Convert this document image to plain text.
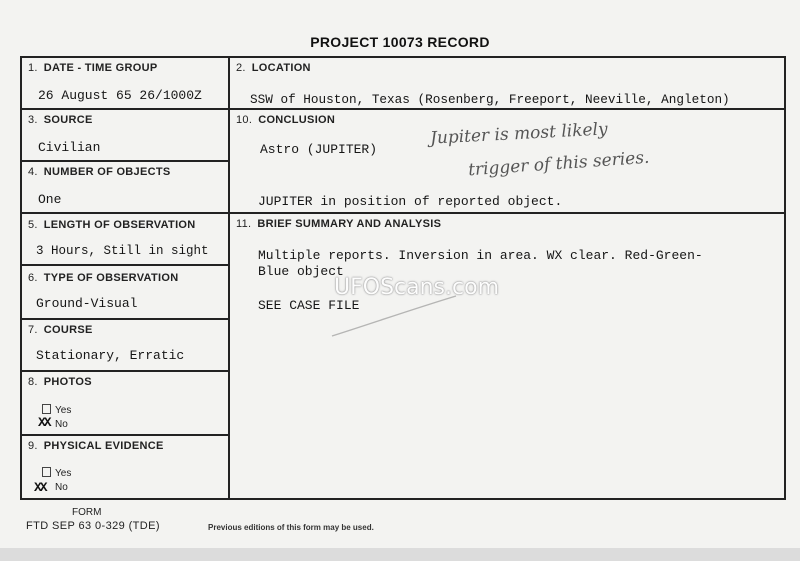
PROJECT 10073 RECORD
1. DATE - TIME GROUP
26 August 65 26/1000Z
2. LOCATION
SSW of Houston, Texas (Rosenberg, Freeport, Neeville, Angleton)
3. SOURCE
Civilian
10. CONCLUSION
Astro (JUPITER)
Jupiter is most likely
trigger of this series.
JUPITER in position of reported object.
4. NUMBER OF OBJECTS
One
5. LENGTH OF OBSERVATION
3 Hours, Still in sight
11. BRIEF SUMMARY AND ANALYSIS
Multiple reports. Inversion in area. WX clear. Red-Green-
Blue object
SEE CASE FILE
6. TYPE OF OBSERVATION
Ground-Visual
7. COURSE
Stationary, Erratic
8. PHOTOS
Yes
No
XX
9. PHYSICAL EVIDENCE
Yes
No
XX
UFOScans.com
FORM
FTD SEP 63 0-329 (TDE)	Previous editions of this form may be used.
